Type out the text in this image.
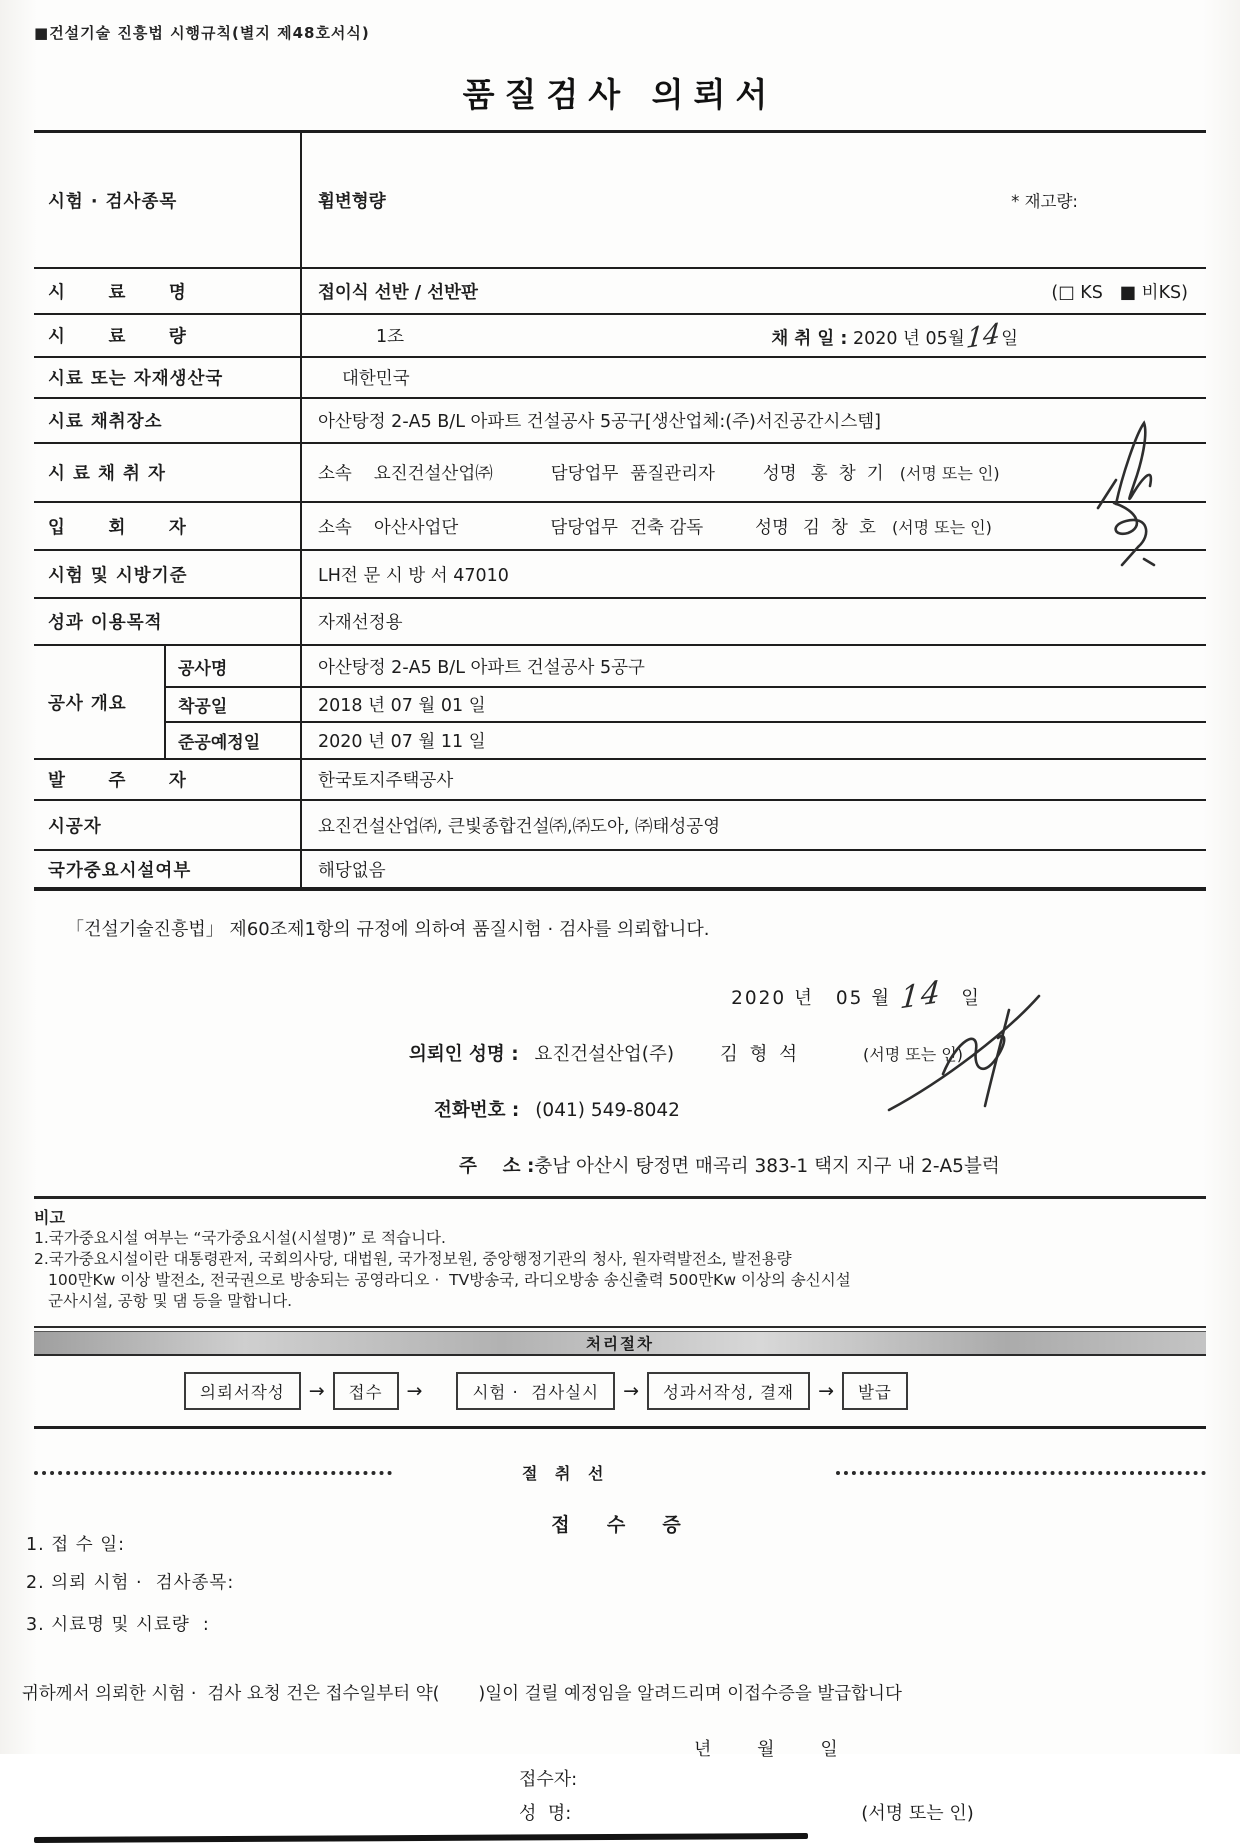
■건설기술 진흥법 시행규칙(별지 제48호서식)
품질검사 의뢰서
시험 · 검사종목	휨변형량	* 재고량:
시      료      명	접이식 선반 / 선반판	(□ KS   ■ 비KS)
시      료      량	1조	채 취 일 : 2020 년 05월14일
시료 또는 자재생산국	대한민국
시료 채취장소	아산탕정 2-A5 B/L 아파트 건설공사 5공구[생산업체:(주)서진공간시스템]
시 료 채 취 자	소속 요진건설산업㈜	담당업무 품질관리자	성명 홍  창  기 (서명 또는 인)
입      회      자	소속 아산사업단	담당업무 건축 감독	성명 김  창  호 (서명 또는 인)
시험 및 시방기준	LH전 문 시 방 서 47010
성과 이용목적	자재선정용
공사 개요
공사명	아산탕정 2-A5 B/L 아파트 건설공사 5공구
착공일	2018 년 07 월 01 일
준공예정일	2020 년 07 월 11 일
발      주      자	한국토지주택공사
시공자	요진건설산업㈜, 큰빛종합건설㈜,㈜도아, ㈜태성공영
국가중요시설여부	해당없음
「건설기술진흥법」 제60조제1항의 규정에 의하여 품질시험 · 검사를 의뢰합니다.
2020 년 05 월 14 일
의뢰인 성명 : 요진건설산업(주) 김  형  석	(서명 또는 인)
전화번호 : (041) 549-8042
주    소 :충남 아산시 탕정면 매곡리 383-1 택지 지구 내 2-A5블럭
비고
1.국가중요시설 여부는 “국가중요시설(시설명)” 로 적습니다.
2.국가중요시설이란 대통령관저, 국회의사당, 대법원, 국가정보원, 중앙행정기관의 청사, 원자력발전소, 발전용량
100만Kw 이상 발전소, 전국권으로 방송되는 공영라디오 ·  TV방송국, 라디오방송 송신출력 500만Kw 이상의 송신시설
군사시설, 공항 및 댐 등을 말합니다.
처리절차
의뢰서작성	→	접수	→	시험 ·  검사실시	→	성과서작성, 결재	→	발급
절 취 선
접  수  증
1. 접 수 일:
2. 의뢰 시험 ·  검사종목:
3. 시료명 및 시료량  :
귀하께서 의뢰한 시험 ·  검사 요청 건은 접수일부터 약(       )일이 걸릴 예정임을 알려드리며 이접수증을 발급합니다
년        월        일
접수자:
성  명:	(서명 또는 인)
